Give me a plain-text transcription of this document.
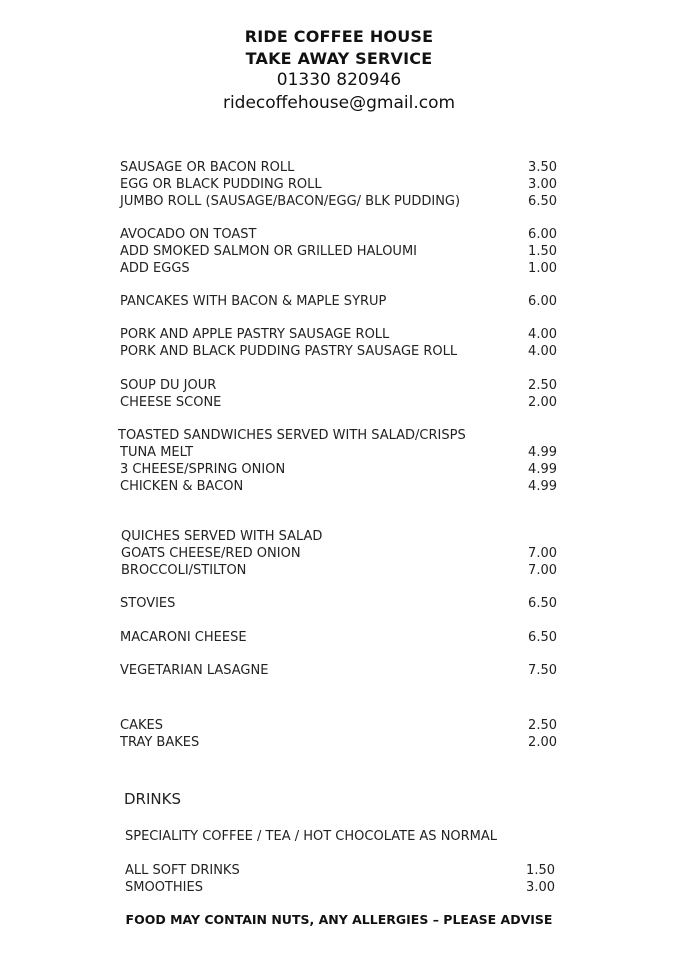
RIDE COFFEE HOUSE
TAKE AWAY SERVICE
01330 820946
ridecoffehouse@gmail.com
SAUSAGE OR BACON ROLL	3.50
EGG OR BLACK PUDDING ROLL	3.00
JUMBO ROLL (SAUSAGE/BACON/EGG/ BLK PUDDING)	6.50
AVOCADO ON TOAST	6.00
ADD SMOKED SALMON OR GRILLED HALOUMI	1.50
ADD EGGS	1.00
PANCAKES WITH BACON & MAPLE SYRUP	6.00
PORK AND APPLE PASTRY SAUSAGE ROLL	4.00
PORK AND BLACK PUDDING PASTRY SAUSAGE ROLL	4.00
SOUP DU JOUR	2.50
CHEESE SCONE	2.00
TOASTED SANDWICHES SERVED WITH SALAD/CRISPS
TUNA MELT	4.99
3 CHEESE/SPRING ONION	4.99
CHICKEN & BACON	4.99
QUICHES SERVED WITH SALAD
GOATS CHEESE/RED ONION	7.00
BROCCOLI/STILTON	7.00
STOVIES	6.50
MACARONI CHEESE	6.50
VEGETARIAN LASAGNE	7.50
CAKES	2.50
TRAY BAKES	2.00
DRINKS
SPECIALITY COFFEE / TEA / HOT CHOCOLATE AS NORMAL
ALL SOFT DRINKS	1.50
SMOOTHIES	3.00
FOOD MAY CONTAIN NUTS, ANY ALLERGIES – PLEASE ADVISE
